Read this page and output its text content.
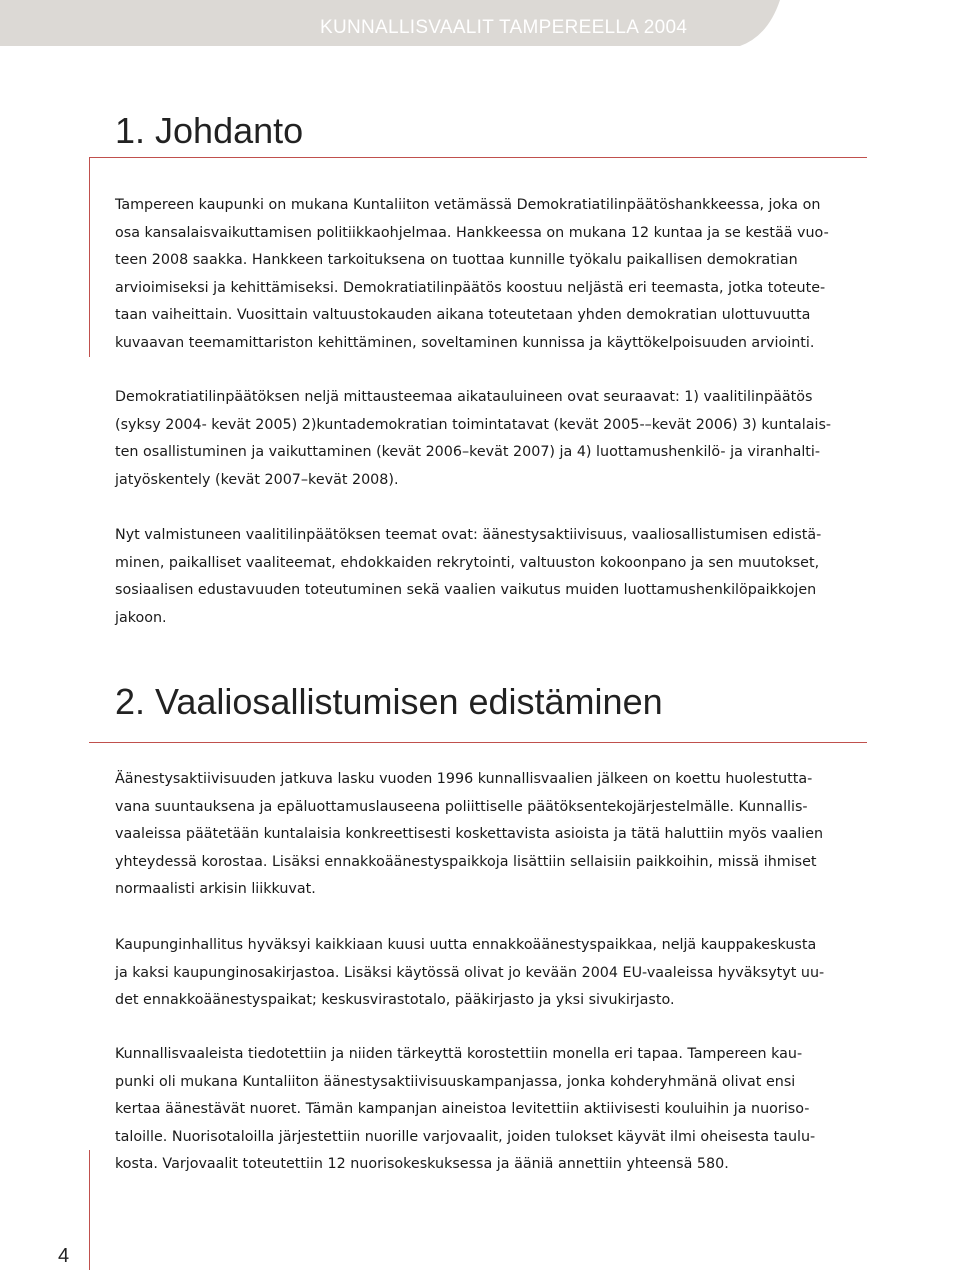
KUNNALLISVAALIT TAMPEREELLA 2004
1. Johdanto

Tampereen kaupunki on mukana Kuntaliiton vetämässä Demokratiatilinpäätöshankkeessa, joka on
osa kansalaisvaikuttamisen politiikkaohjelmaa. Hankkeessa on mukana 12 kuntaa ja se kestää vuo-
teen 2008 saakka. Hankkeen tarkoituksena on tuottaa kunnille työkalu paikallisen demokratian
arvioimiseksi ja kehittämiseksi. Demokratiatilinpäätös koostuu neljästä eri teemasta, jotka toteute-
taan vaiheittain. Vuosittain valtuustokauden aikana toteutetaan yhden demokratian ulottuvuutta
kuvaavan teemamittariston kehittäminen, soveltaminen kunnissa ja käyttökelpoisuuden arviointi.

Demokratiatilinpäätöksen neljä mittausteemaa aikatauluineen ovat seuraavat: 1) vaalitilinpäätös
(syksy 2004- kevät 2005) 2)kuntademokratian toimintatavat (kevät 2005-–kevät 2006) 3) kuntalais-
ten osallistuminen ja vaikuttaminen (kevät 2006–kevät 2007) ja 4) luottamushenkilö- ja viranhalti-
jatyöskentely (kevät 2007–kevät 2008).

Nyt valmistuneen vaalitilinpäätöksen teemat ovat: äänestysaktiivisuus, vaaliosallistumisen edistä-
minen, paikalliset vaaliteemat, ehdokkaiden rekrytointi, valtuuston kokoonpano ja sen muutokset,
sosiaalisen edustavuuden toteutuminen sekä vaalien vaikutus muiden luottamushenkilöpaikkojen
jakoon.

2. Vaaliosallistumisen edistäminen

Äänestysaktiivisuuden jatkuva lasku vuoden 1996 kunnallisvaalien jälkeen on koettu huolestutta-
vana suuntauksena ja epäluottamuslauseena poliittiselle päätöksentekojärjestelmälle. Kunnallis-
vaaleissa päätetään kuntalaisia konkreettisesti koskettavista asioista ja tätä haluttiin myös vaalien
yhteydessä korostaa. Lisäksi ennakkoäänestyspaikkoja lisättiin sellaisiin paikkoihin, missä ihmiset
normaalisti arkisin liikkuvat.

Kaupunginhallitus hyväksyi kaikkiaan kuusi uutta ennakkoäänestyspaikkaa, neljä kauppakeskusta
ja kaksi kaupunginosakirjastoa. Lisäksi käytössä olivat jo kevään 2004 EU-vaaleissa hyväksytyt uu-
det ennakkoäänestyspaikat; keskusvirastotalo, pääkirjasto ja yksi sivukirjasto.

Kunnallisvaaleista tiedotettiin ja niiden tärkeyttä korostettiin monella eri tapaa. Tampereen kau-
punki oli mukana Kuntaliiton äänestysaktiivisuuskampanjassa, jonka kohderyhmänä olivat ensi
kertaa äänestävät nuoret. Tämän kampanjan aineistoa levitettiin aktiivisesti kouluihin ja nuoriso-
taloille. Nuorisotaloilla järjestettiin nuorille varjovaalit, joiden tulokset käyvät ilmi oheisesta taulu-
kosta. Varjovaalit toteutettiin 12 nuorisokeskuksessa ja ääniä annettiin yhteensä 580.

4
